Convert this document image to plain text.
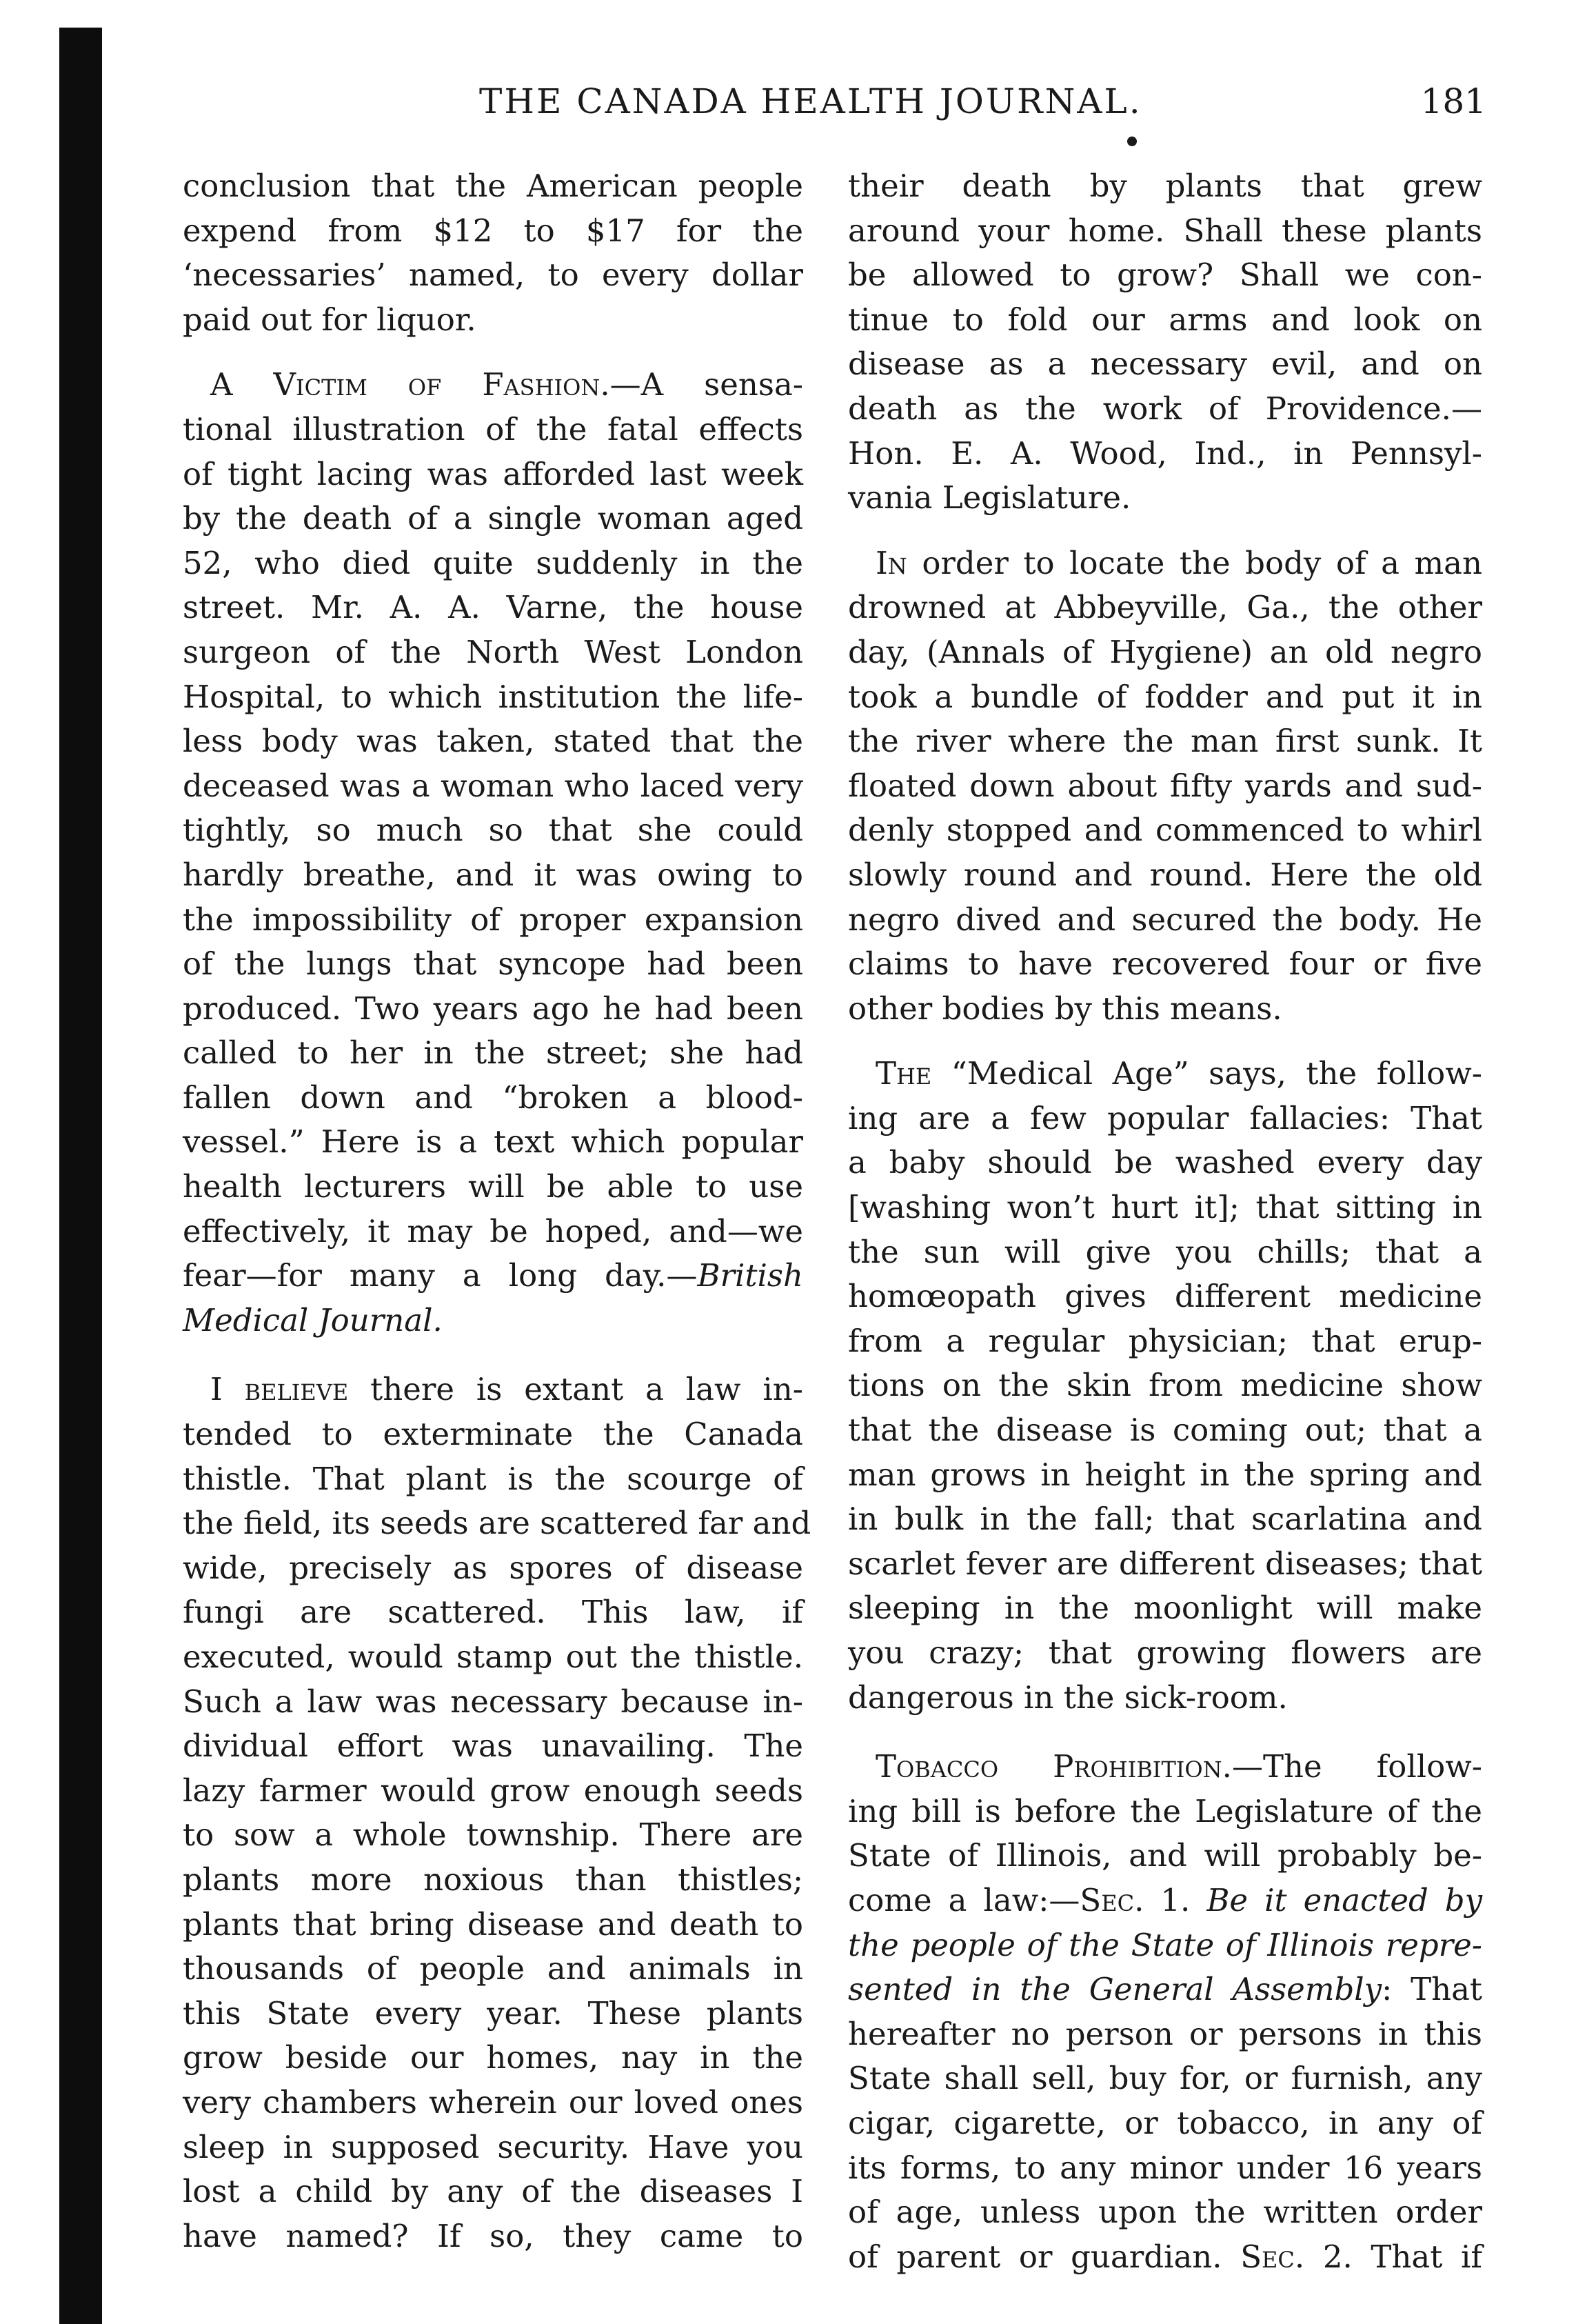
THE CANADA HEALTH JOURNAL.	181
conclusion that the American people
expend from $12 to $17 for the
‘necessaries’ named, to every dollar
paid out for liquor.
A Victim of Fashion.—A sensa-
tional illustration of the fatal effects
of tight lacing was afforded last week
by the death of a single woman aged
52, who died quite suddenly in the
street. Mr. A. A. Varne, the house
surgeon of the North West London
Hospital, to which institution the life-
less body was taken, stated that the
deceased was a woman who laced very
tightly, so much so that she could
hardly breathe, and it was owing to
the impossibility of proper expansion
of the lungs that syncope had been
produced. Two years ago he had been
called to her in the street; she had
fallen down and “broken a blood-
vessel.” Here is a text which popular
health lecturers will be able to use
effectively, it may be hoped, and—we
fear—for many a long day.—British
Medical Journal.
I believe there is extant a law in-
tended to exterminate the Canada
thistle. That plant is the scourge of
the field, its seeds are scattered far and
wide, precisely as spores of disease
fungi are scattered. This law, if
executed, would stamp out the thistle.
Such a law was necessary because in-
dividual effort was unavailing. The
lazy farmer would grow enough seeds
to sow a whole township. There are
plants more noxious than thistles;
plants that bring disease and death to
thousands of people and animals in
this State every year. These plants
grow beside our homes, nay in the
very chambers wherein our loved ones
sleep in supposed security. Have you
lost a child by any of the diseases I
have named? If so, they came to
their death by plants that grew
around your home. Shall these plants
be allowed to grow? Shall we con-
tinue to fold our arms and look on
disease as a necessary evil, and on
death as the work of Providence.—
Hon. E. A. Wood, Ind., in Pennsyl-
vania Legislature.
In order to locate the body of a man
drowned at Abbeyville, Ga., the other
day, (Annals of Hygiene) an old negro
took a bundle of fodder and put it in
the river where the man first sunk. It
floated down about fifty yards and sud-
denly stopped and commenced to whirl
slowly round and round. Here the old
negro dived and secured the body. He
claims to have recovered four or five
other bodies by this means.
The “Medical Age” says, the follow-
ing are a few popular fallacies: That
a baby should be washed every day
[washing won’t hurt it]; that sitting in
the sun will give you chills; that a
homœopath gives different medicine
from a regular physician; that erup-
tions on the skin from medicine show
that the disease is coming out; that a
man grows in height in the spring and
in bulk in the fall; that scarlatina and
scarlet fever are different diseases; that
sleeping in the moonlight will make
you crazy; that growing flowers are
dangerous in the sick-room.
Tobacco Prohibition.—The follow-
ing bill is before the Legislature of the
State of Illinois, and will probably be-
come a law:—Sec. 1. Be it enacted by
the people of the State of Illinois repre-
sented in the General Assembly: That
hereafter no person or persons in this
State shall sell, buy for, or furnish, any
cigar, cigarette, or tobacco, in any of
its forms, to any minor under 16 years
of age, unless upon the written order
of parent or guardian. Sec. 2. That if
